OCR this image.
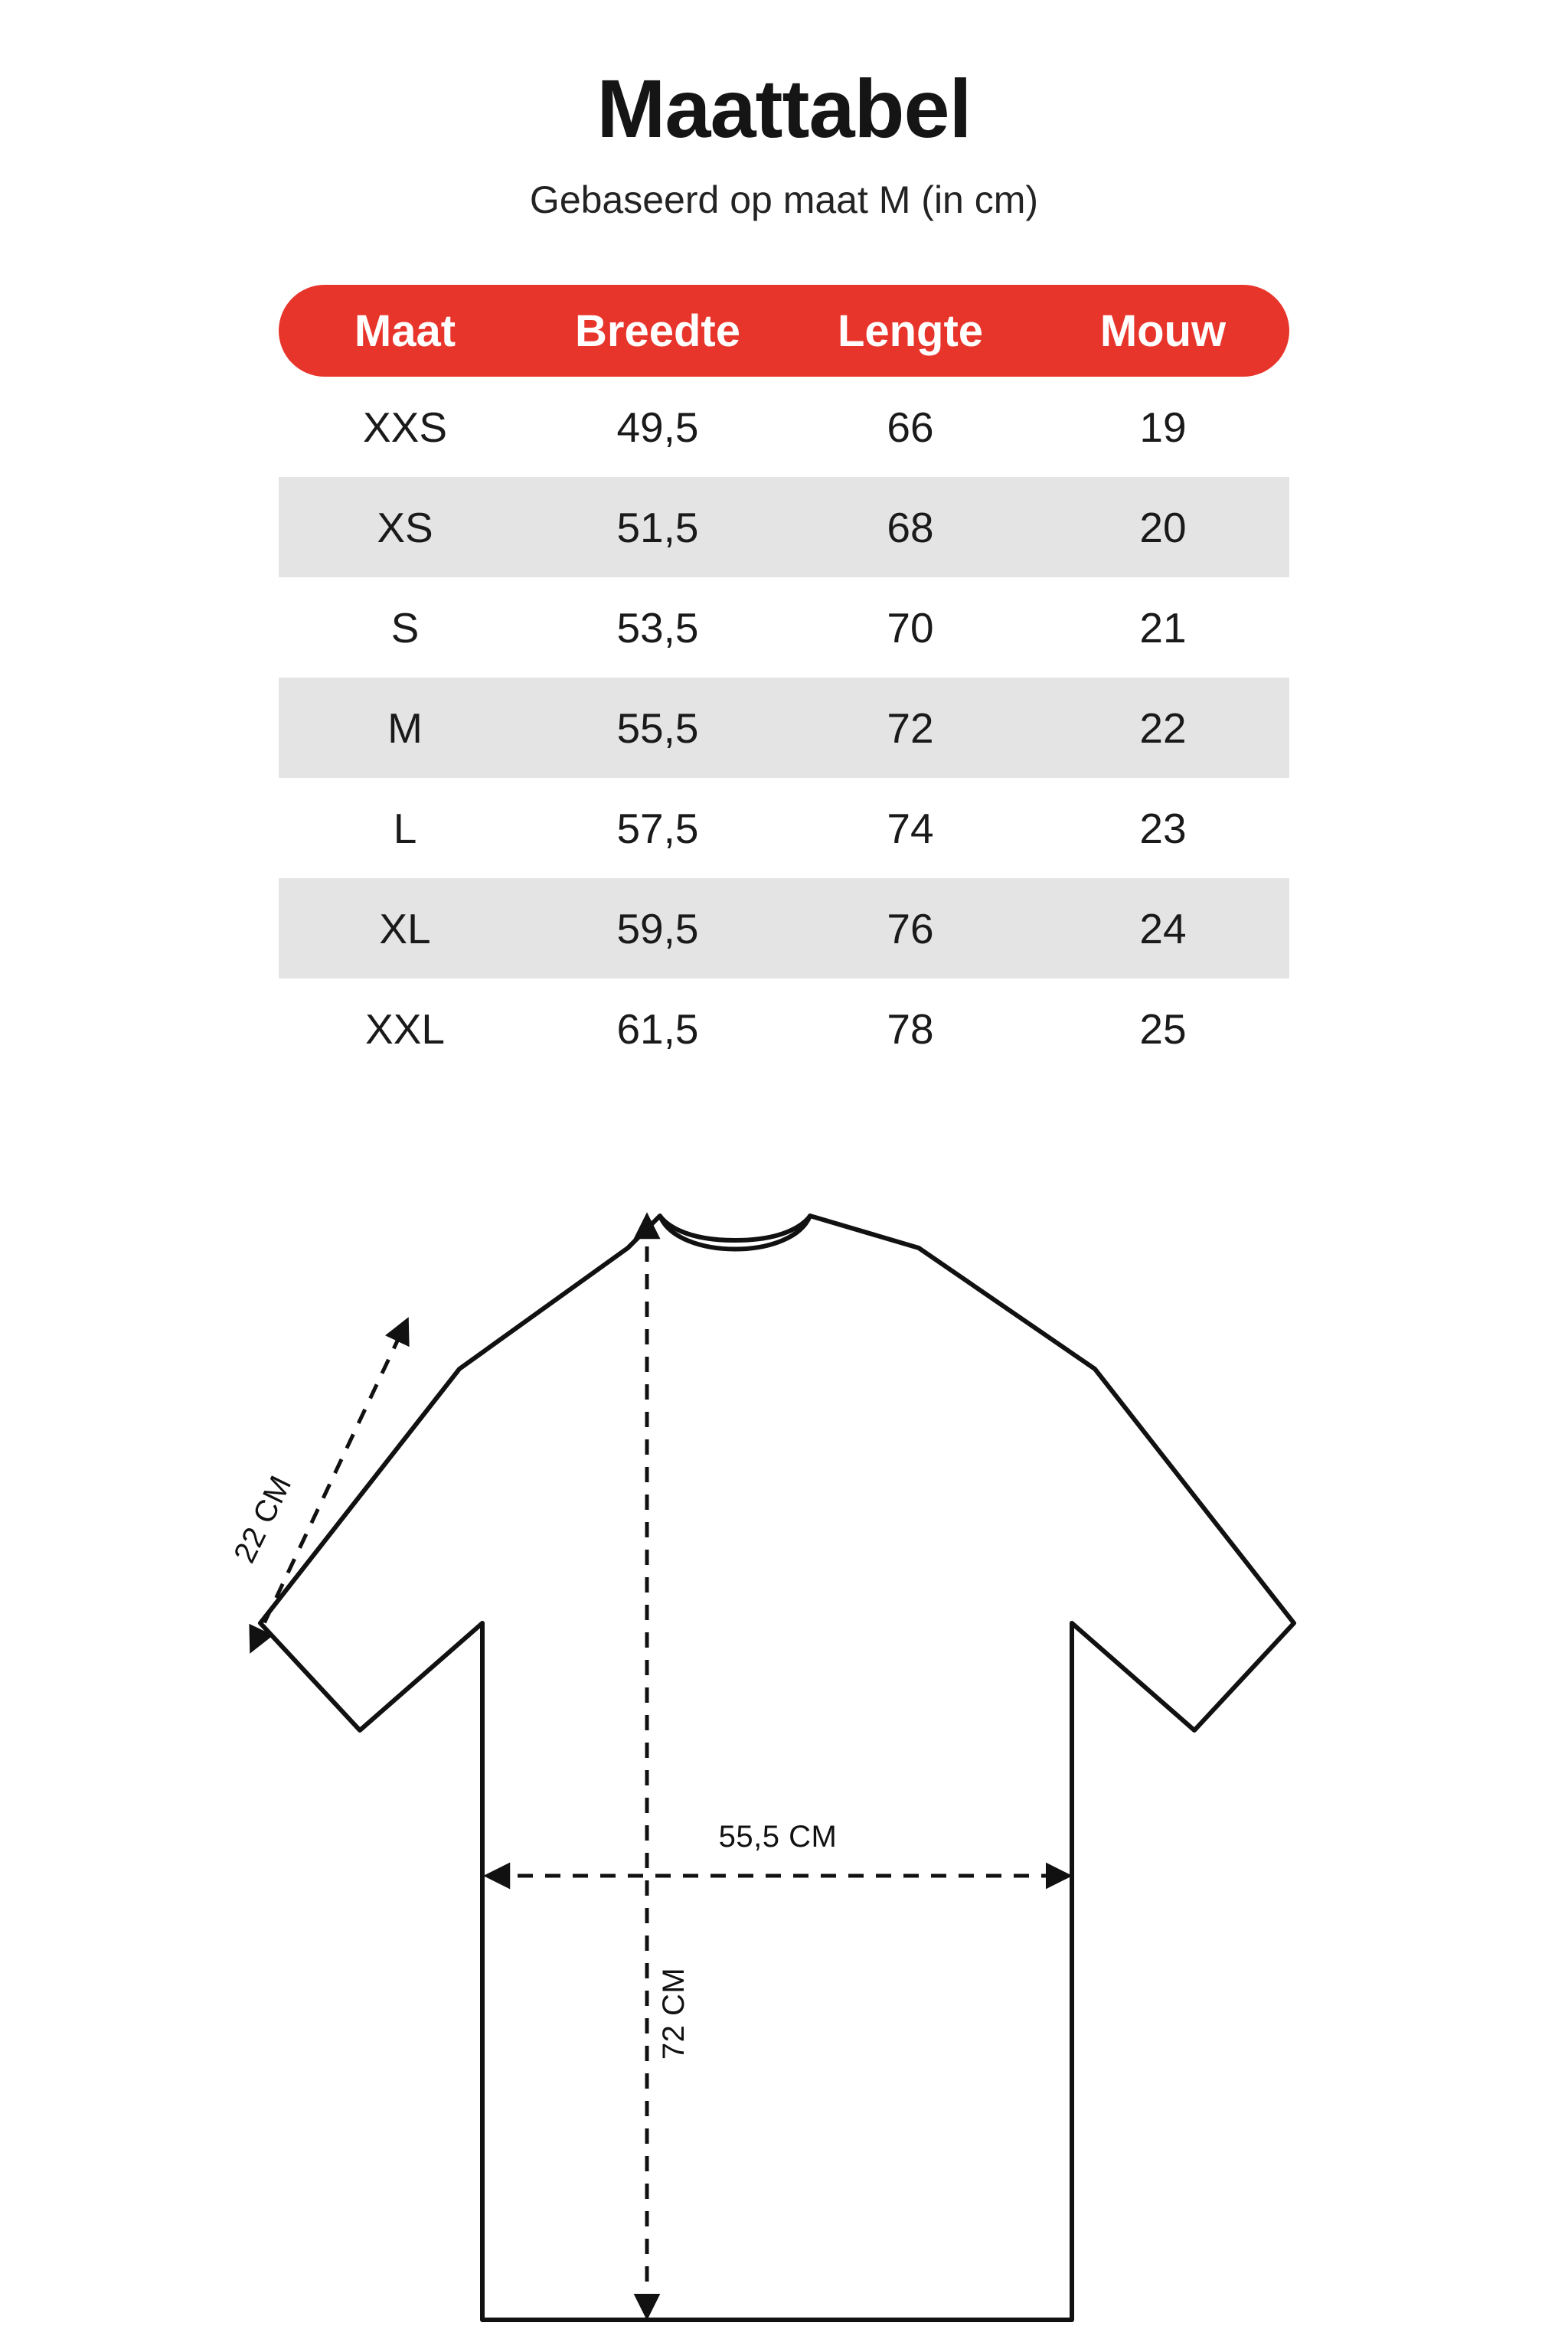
Maattabel

Gebaseerd op maat M (in cm)

Maat	Breedte	Lengte	Mouw
XXS	49,5	66	19
XS	51,5	68	20
S	53,5	70	21
M	55,5	72	22
L	57,5	74	23
XL	59,5	76	24
XXL	61,5	78	25
22 CM
55,5 CM
72 CM
